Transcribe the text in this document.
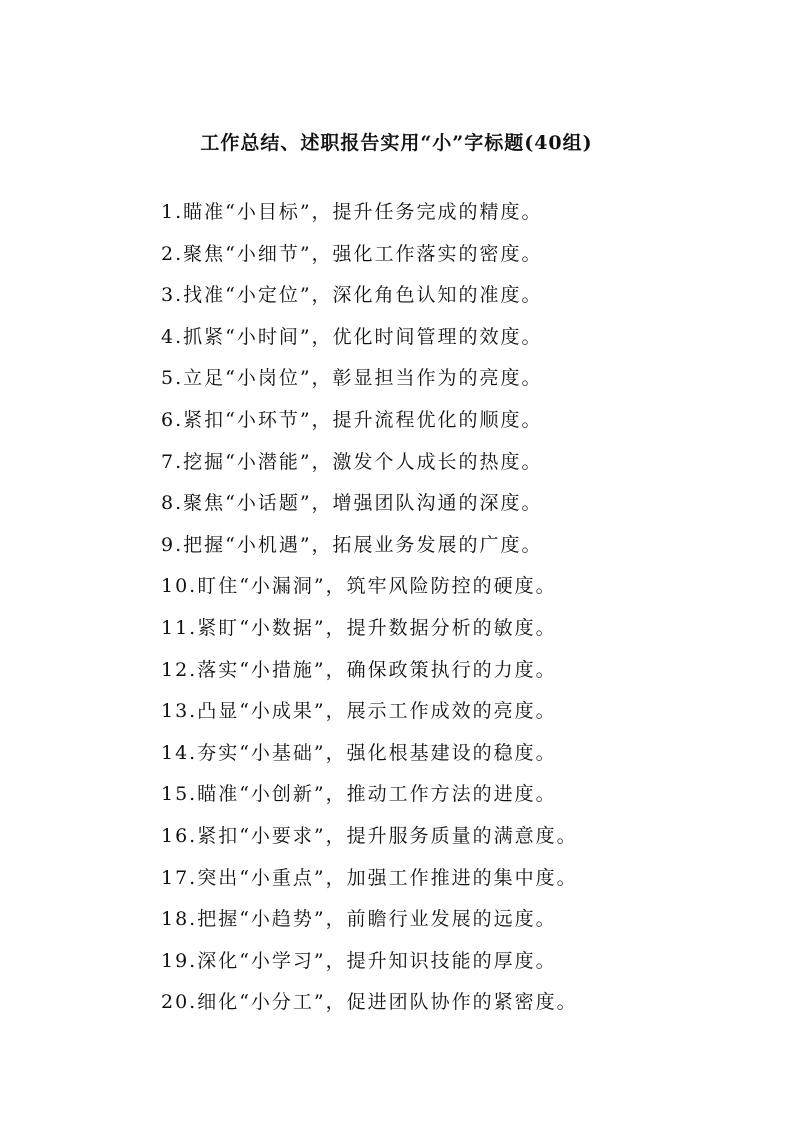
工作总结、述职报告实用“小”字标题(40组)
1.瞄准“小目标”，提升任务完成的精度。
2.聚焦“小细节”，强化工作落实的密度。
3.找准“小定位”，深化角色认知的准度。
4.抓紧“小时间”，优化时间管理的效度。
5.立足“小岗位”，彰显担当作为的亮度。
6.紧扣“小环节”，提升流程优化的顺度。
7.挖掘“小潜能”，激发个人成长的热度。
8.聚焦“小话题”，增强团队沟通的深度。
9.把握“小机遇”，拓展业务发展的广度。
10.盯住“小漏洞”，筑牢风险防控的硬度。
11.紧盯“小数据”，提升数据分析的敏度。
12.落实“小措施”，确保政策执行的力度。
13.凸显“小成果”，展示工作成效的亮度。
14.夯实“小基础”，强化根基建设的稳度。
15.瞄准“小创新”，推动工作方法的进度。
16.紧扣“小要求”，提升服务质量的满意度。
17.突出“小重点”，加强工作推进的集中度。
18.把握“小趋势”，前瞻行业发展的远度。
19.深化“小学习”，提升知识技能的厚度。
20.细化“小分工”，促进团队协作的紧密度。
